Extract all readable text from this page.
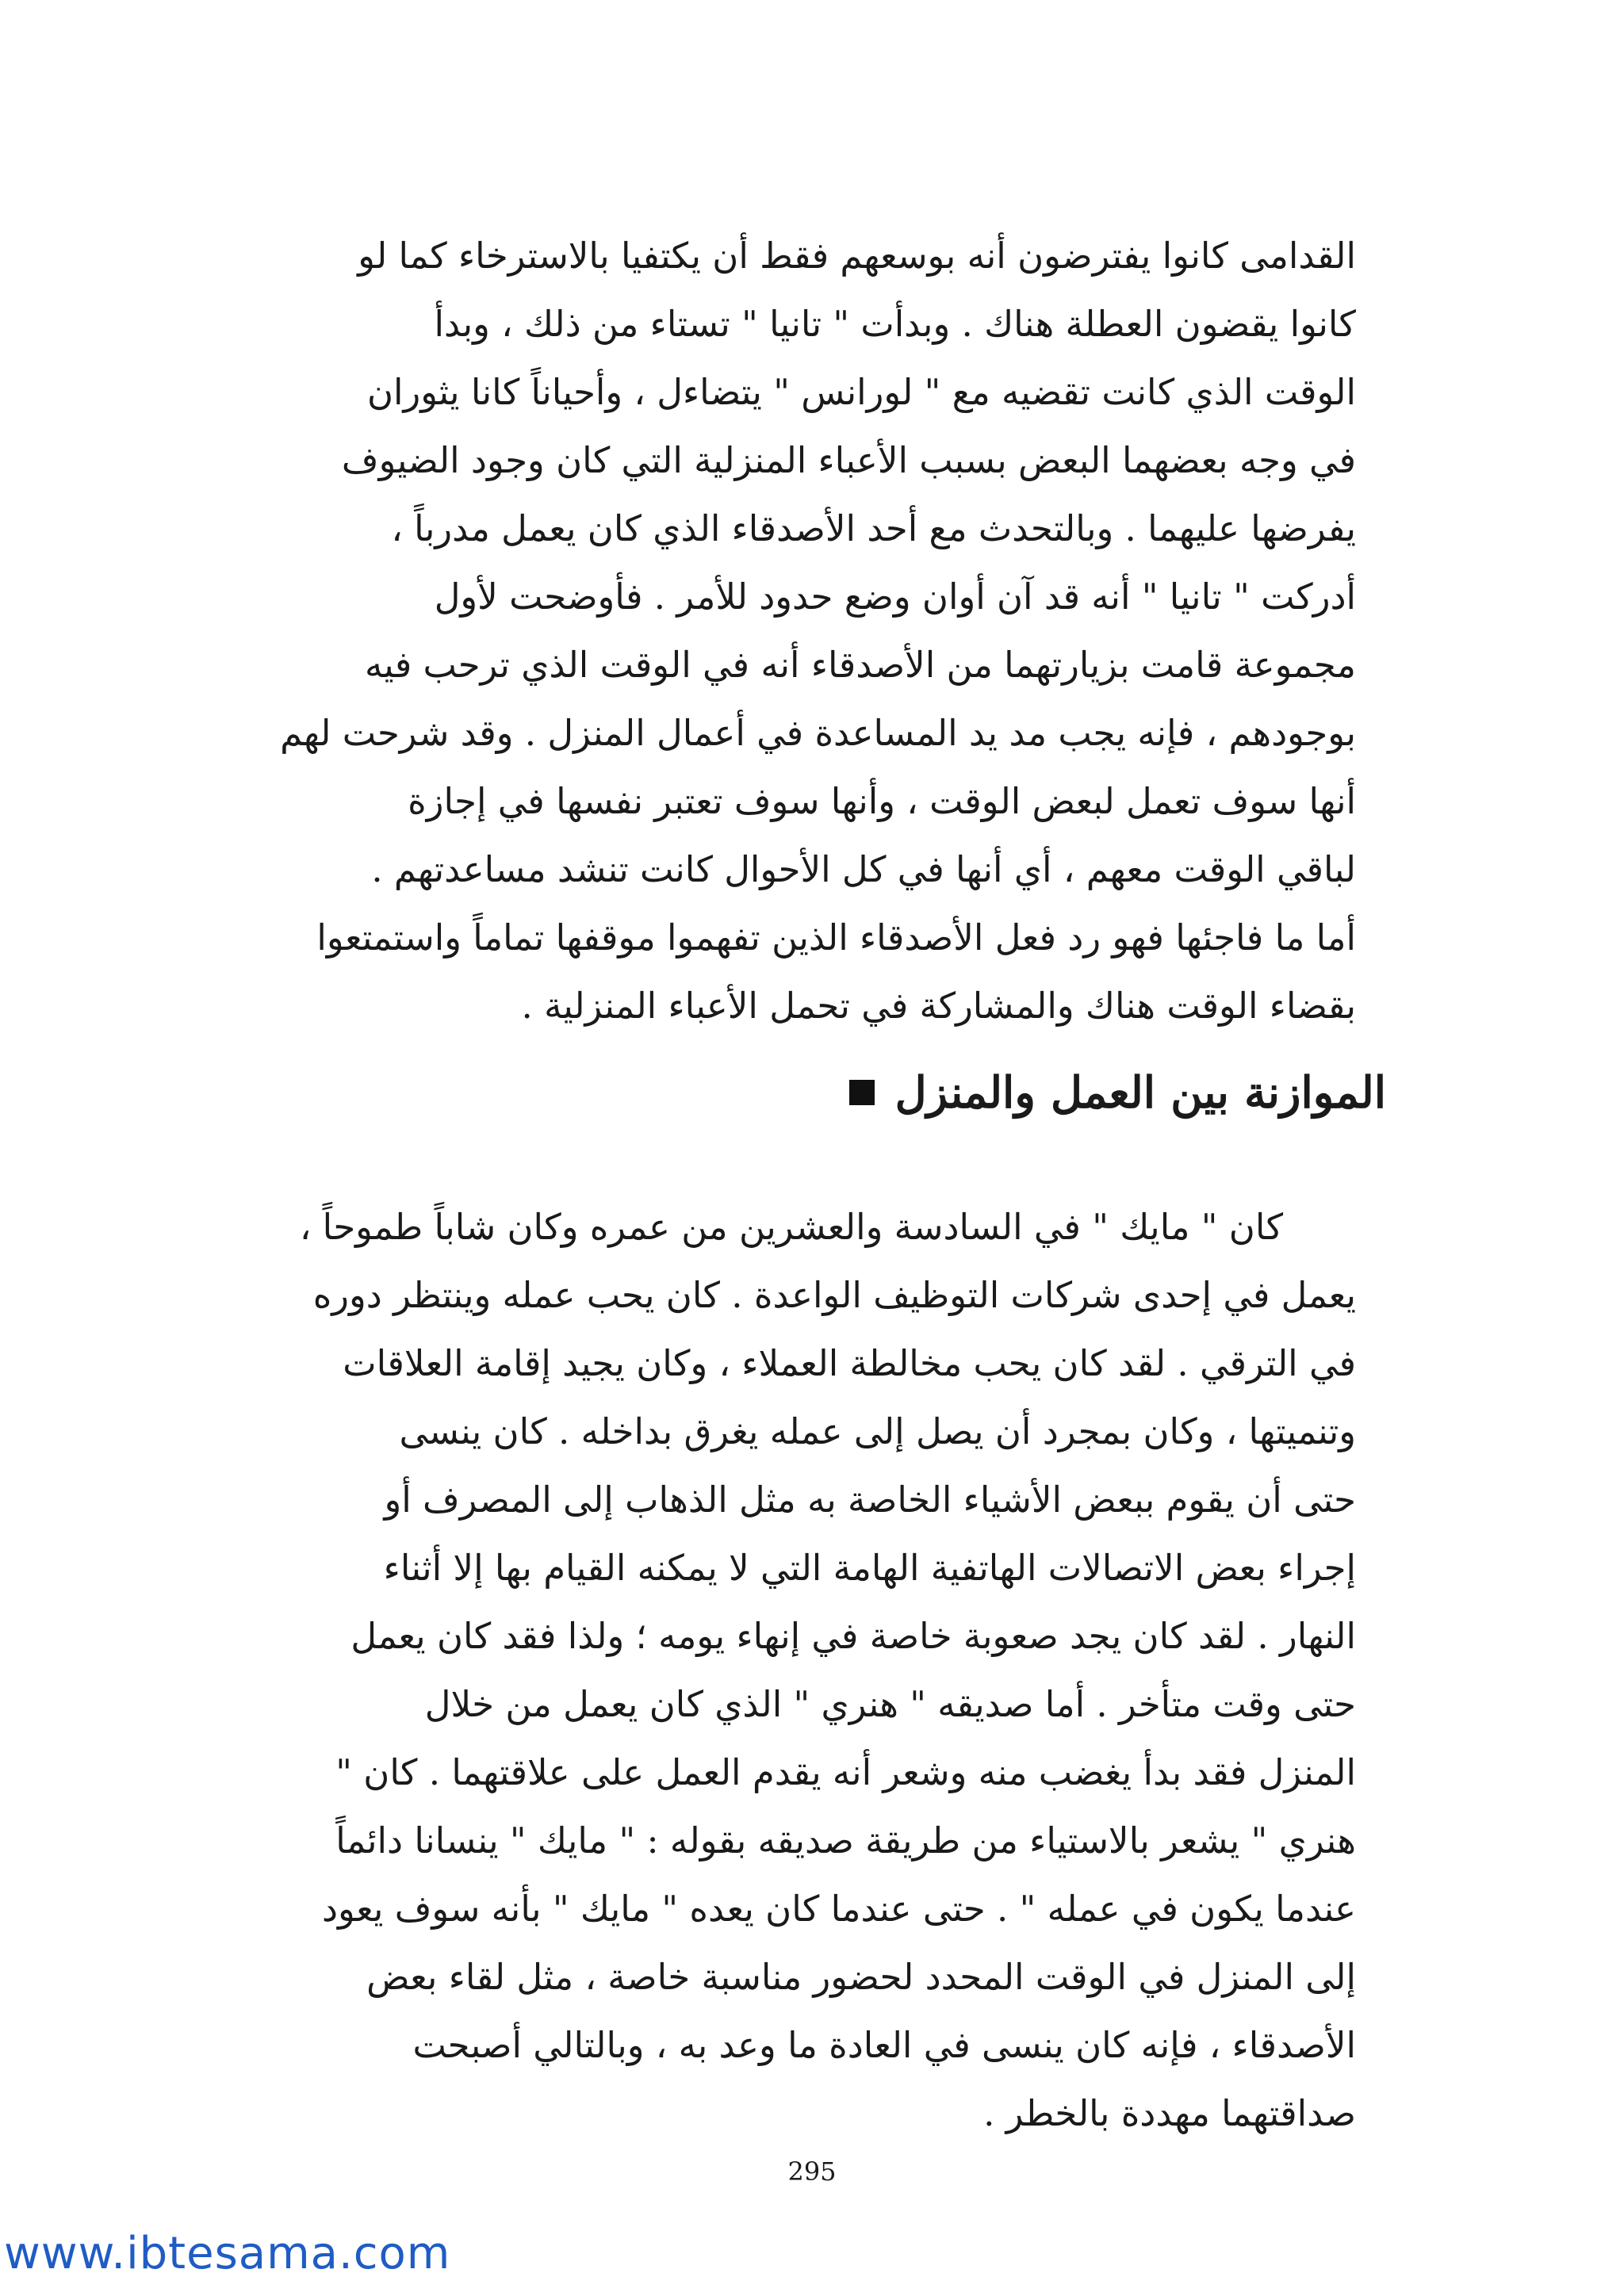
القدامى كانوا يفترضون أنه بوسعهم فقط أن يكتفيا بالاسترخاء كما لو
كانوا يقضون العطلة هناك . وبدأت " تانيا " تستاء من ذلك ، وبدأ
الوقت الذي كانت تقضيه مع " لورانس " يتضاءل ، وأحياناً كانا يثوران
في وجه بعضهما البعض بسبب الأعباء المنزلية التي كان وجود الضيوف
يفرضها عليهما . وبالتحدث مع أحد الأصدقاء الذي كان يعمل مدرباً ،
أدركت " تانيا " أنه قد آن أوان وضع حدود للأمر . فأوضحت لأول
مجموعة قامت بزيارتهما من الأصدقاء أنه في الوقت الذي ترحب فيه
بوجودهم ، فإنه يجب مد يد المساعدة في أعمال المنزل . وقد شرحت لهم
أنها سوف تعمل لبعض الوقت ، وأنها سوف تعتبر نفسها في إجازة
لباقي الوقت معهم ، أي أنها في كل الأحوال كانت تنشد مساعدتهم .
أما ما فاجئها فهو رد فعل الأصدقاء الذين تفهموا موقفها تماماً واستمتعوا
بقضاء الوقت هناك والمشاركة في تحمل الأعباء المنزلية .
الموازنة بين العمل والمنزل
كان " مايك " في السادسة والعشرين من عمره وكان شاباً طموحاً ،
يعمل في إحدى شركات التوظيف الواعدة . كان يحب عمله وينتظر دوره
في الترقي . لقد كان يحب مخالطة العملاء ، وكان يجيد إقامة العلاقات
وتنميتها ، وكان بمجرد أن يصل إلى عمله يغرق بداخله . كان ينسى
حتى أن يقوم ببعض الأشياء الخاصة به مثل الذهاب إلى المصرف أو
إجراء بعض الاتصالات الهاتفية الهامة التي لا يمكنه القيام بها إلا أثناء
النهار . لقد كان يجد صعوبة خاصة في إنهاء يومه ؛ ولذا فقد كان يعمل
حتى وقت متأخر . أما صديقه " هنري " الذي كان يعمل من خلال
المنزل فقد بدأ يغضب منه وشعر أنه يقدم العمل على علاقتهما . كان "
هنري " يشعر بالاستياء من طريقة صديقه بقوله : " مايك " ينسانا دائماً
عندما يكون في عمله " . حتى عندما كان يعده " مايك " بأنه سوف يعود
إلى المنزل في الوقت المحدد لحضور مناسبة خاصة ، مثل لقاء بعض
الأصدقاء ، فإنه كان ينسى في العادة ما وعد به ، وبالتالي أصبحت
صداقتهما مهددة بالخطر .
295
www.ibtesama.com
